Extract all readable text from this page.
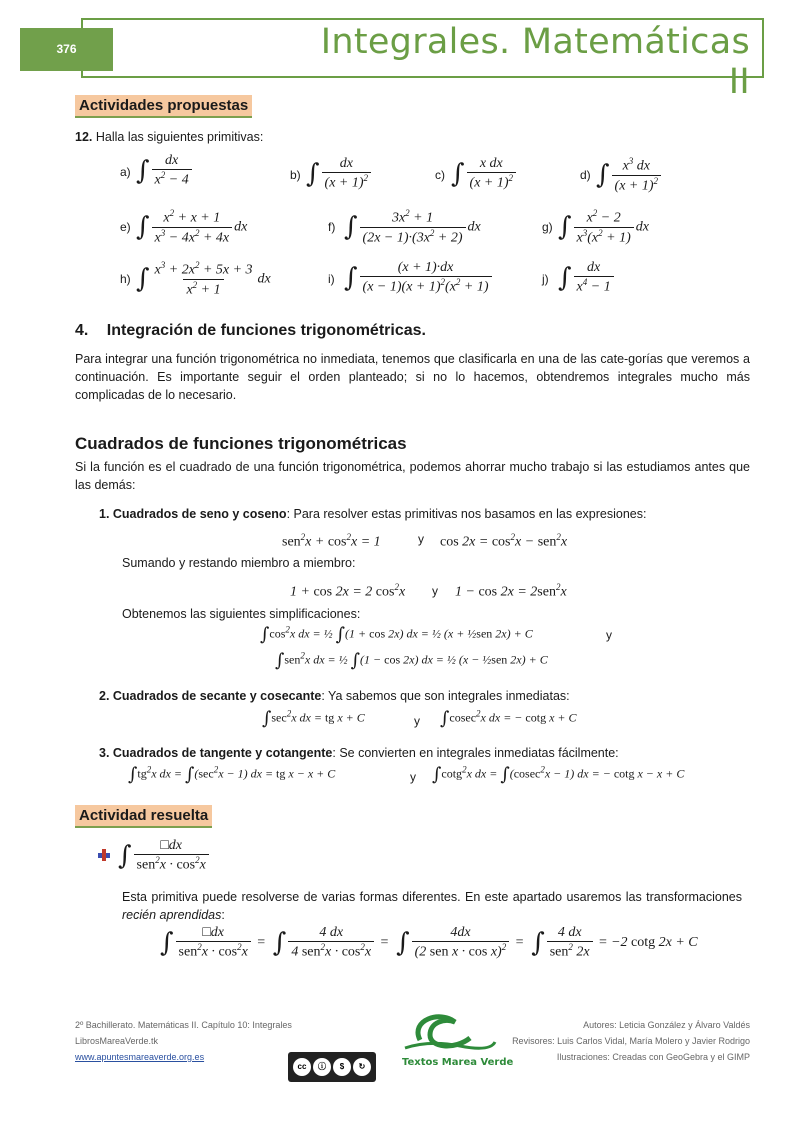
376	Integrales. Matemáticas II
Actividades propuestas
12. Halla las siguientes primitivas:
a) ∫ $\frac{dx}{x^2 - 4}$	b) ∫ $\frac{dx}{(x + 1)^2}$	c) ∫ $\frac{\text{x dx}}{(x + 1)^2}$	d) ∫ $\frac{x^3 dx}{(x + 1)^2}$
e) ∫ $\frac{x^2 + x + 1}{x^3 - 4x^2 + 4x}$ dx	f) ∫ $\frac{3x^2 + 1}{(2x - 1)\cdot(3x^2 + 2)}$ dx	g) ∫ $\frac{x^2 - 2}{x^3(x^2 + 1)}$ dx
h) ∫ $\frac{x^3 + 2x^2 + 5x + 3}{x^2 + 1}$ dx	i) ∫ $\frac{(x + 1)\cdot dx}{(x - 1)(x + 1)^2(x^2 + 1)}$	j) ∫ $\frac{dx}{x^4 - 1}$
4. Integración de funciones trigonométricas.
Para integrar una función trigonométrica no inmediata, tenemos que clasificarla en una de las cate-gorías que veremos a continuación. Es importante seguir el orden planteado; si no lo hacemos, obtendremos integrales mucho más complicadas de lo necesario.
Cuadrados de funciones trigonométricas
Si la función es el cuadrado de una función trigonométrica, podemos ahorrar mucho trabajo si las estudiamos antes que las demás:
1. Cuadrados de seno y coseno: Para resolver estas primitivas nos basamos en las expresiones:
$sen^2x + \cos^2x = 1$	y $\cos 2x = \cos^2x - sen^2x$
Sumando y restando miembro a miembro:
1 + cos 2x = 2 $\cos^2x$ y 1 − cos 2x = 2sen$^2$x
Obtenemos las siguientes simplificaciones:
$\int\cos^2x$ dx = ½ ∫(1 + cos 2x) dx = ½ (x + ½sen 2x) + C	y
∫sen$^2$x dx = ½ ∫(1 − cos 2x) dx = ½ (x − ½sen 2x) + C
2. Cuadrados de secante y cosecante: Ya sabemos que son integrales inmediatas:
$\int\sec^2x$ dx = tg x + C	y ∫cosec$^2$x dx = − cotg x + C
3. Cuadrados de tangente y cotangente: Se convierten en integrales inmediatas fácilmente:
$\int tg^2x$ dx = $\int(\sec^2x - 1)$ dx = tg x − x + C	y ∫cotg$^2$x dx = ∫(cosec$^2$x − 1) dx = − cotg x − x + C
Actividad resuelta
∫ $\frac{□dx}{sen^2x \cdot \cos^2x}$
Esta primitiva puede resolverse de varias formas diferentes. En este apartado usaremos las transformaciones recién aprendidas:
∫ $\frac{□dx}{sen^2x \cdot \cos^2x}$ =  ∫ $\frac{4 dx}{4 sen^2x \cdot \cos^2x}$ =  ∫ $\frac{4dx}{(2 sen x \cdot \cos x)^2}$ =  ∫ $\frac{4 dx}{sen^2 2x} = -2$ cotg 2x + C
2º Bachillerato. Matemáticas II. Capítulo 10: Integrales
LibrosMareaVerde.tk
www.apuntesmareaverde.org.es	Textos Marea Verde
cc	ⓘ	$	↻
Autores: Leticia González y Álvaro Valdés
Revisores: Luis Carlos Vidal, María Molero y Javier Rodrigo
Ilustraciones: Creadas con GeoGebra y el GIMP
